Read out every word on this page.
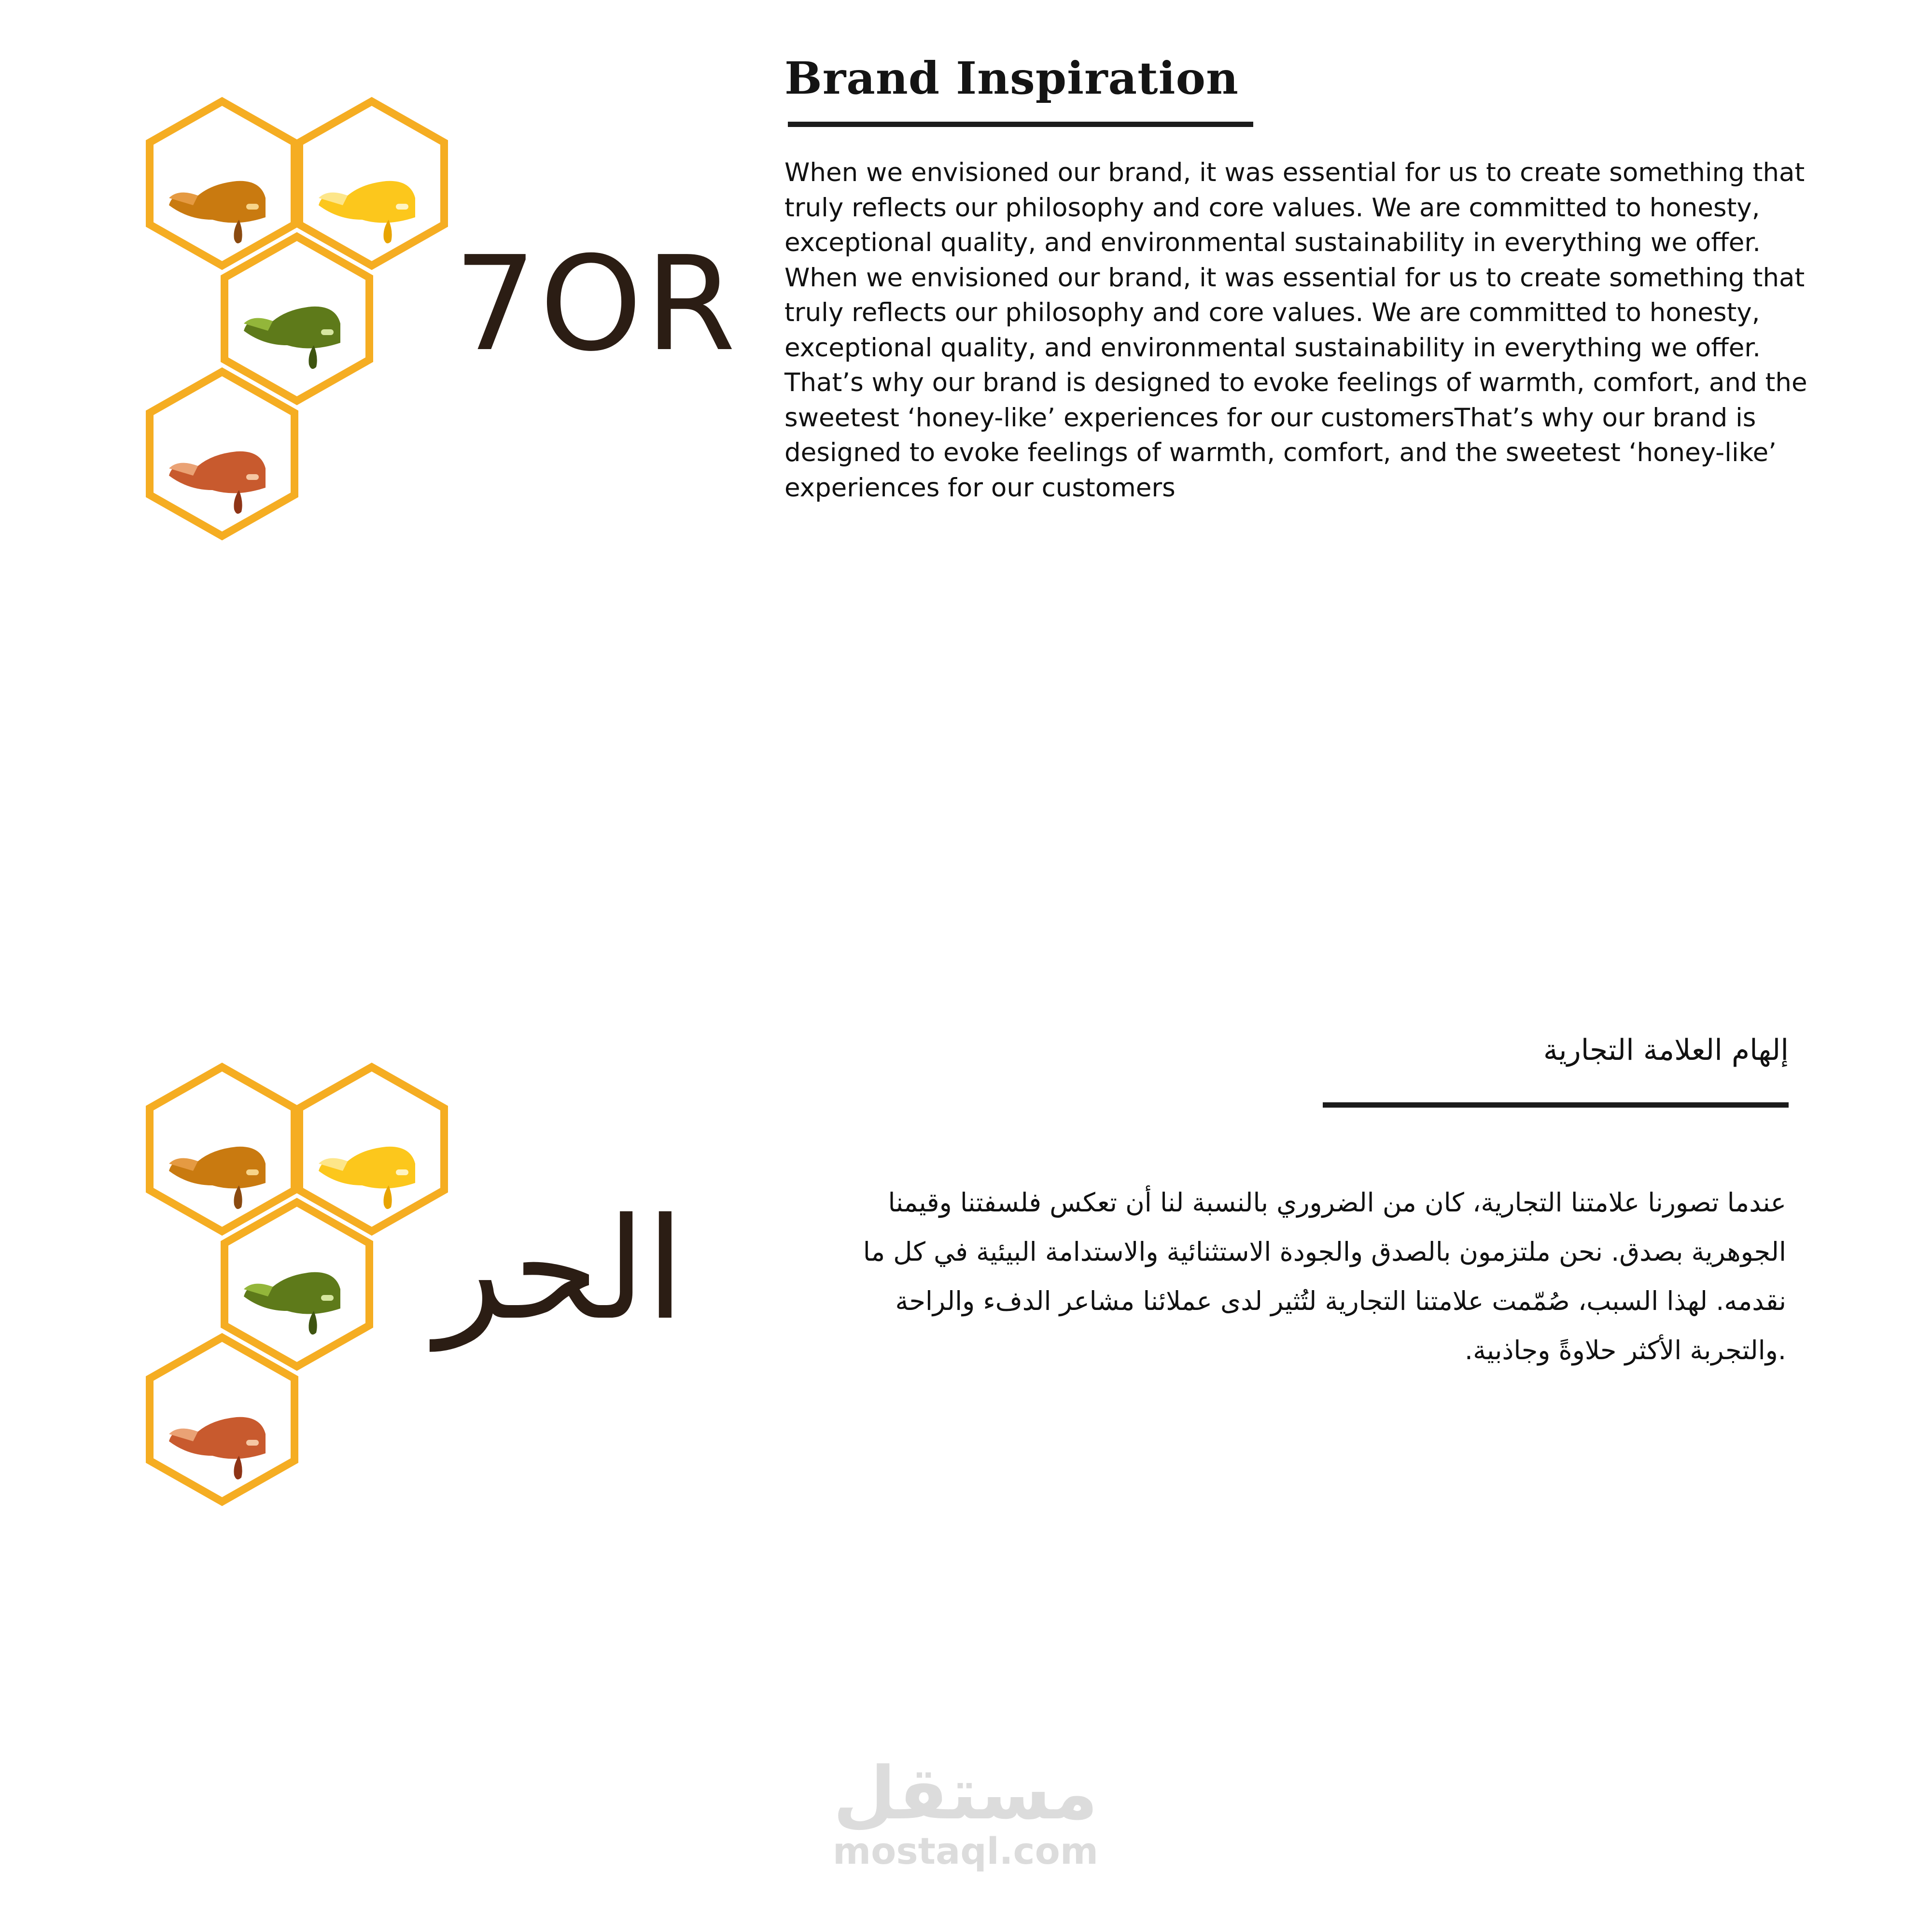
7OR
Brand Inspiration
When we envisioned our brand, it was essential for us to create something that truly reflects our philosophy and core values. We are committed to honesty, exceptional quality, and environmental sustainability in everything we offer. When we envisioned our brand, it was essential for us to create something that truly reflects our philosophy and core values. We are committed to honesty, exceptional quality, and environmental sustainability in everything we offer. That’s why our brand is designed to evoke feelings of warmth, comfort, and the sweetest ‘honey-like’ experiences for our customersThat’s why our brand is designed to evoke feelings of warmth, comfort, and the sweetest ‘honey-like’ experiences for our customers
الحر
إلهام العلامة التجارية
عندما تصورنا علامتنا التجارية، كان من الضروري بالنسبة لنا أن تعكس فلسفتنا وقيمنا الجوهرية بصدق. نحن ملتزمون بالصدق والجودة الاستثنائية والاستدامة البيئية في كل ما نقدمه. لهذا السبب، صُمّمت علامتنا التجارية لتُثير لدى عملائنا مشاعر الدفء والراحة .والتجربة الأكثر حلاوةً وجاذبية.
مستقل
mostaql.com
